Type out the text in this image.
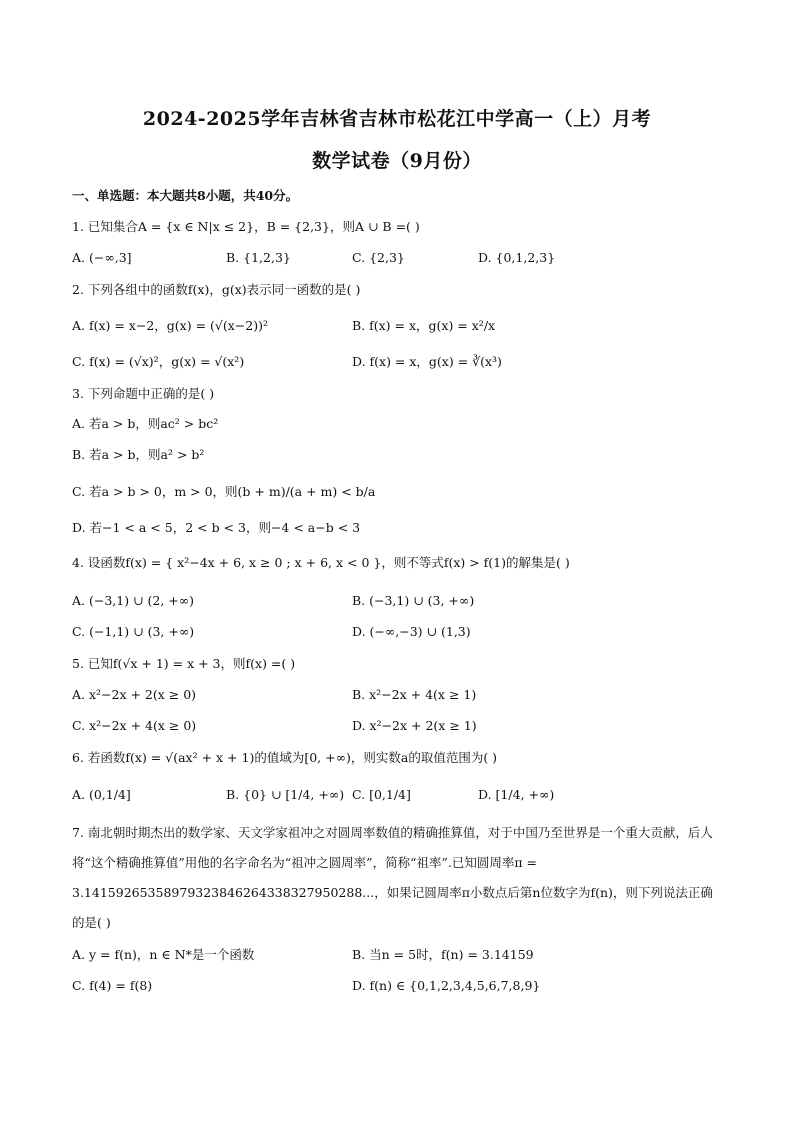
2024-2025学年吉林省吉林市松花江中学高一（上）月考
数学试卷（9月份）
一、单选题：本大题共8小题，共40分。
1. 已知集合A = {x ∈ N|x ≤ 2}，B = {2,3}，则A ∪ B =( )
A. (−∞,3]	B. {1,2,3}	C. {2,3}	D. {0,1,2,3}
2. 下列各组中的函数f(x)，g(x)表示同一函数的是( )
A. f(x) = x−2，g(x) = (√(x−2))²	B. f(x) = x，g(x) = x²/x
C. f(x) = (√x)²，g(x) = √(x²)	D. f(x) = x，g(x) = ∛(x³)
3. 下列命题中正确的是( )
A. 若a > b，则ac² > bc²
B. 若a > b，则a² > b²
C. 若a > b > 0，m > 0，则(b + m)/(a + m) < b/a
D. 若−1 < a < 5，2 < b < 3，则−4 < a−b < 3
4. 设函数f(x) = { x²−4x + 6, x ≥ 0 ; x + 6, x < 0 }，则不等式f(x) > f(1)的解集是( )
A. (−3,1) ∪ (2, +∞)	B. (−3,1) ∪ (3, +∞)
C. (−1,1) ∪ (3, +∞)	D. (−∞,−3) ∪ (1,3)
5. 已知f(√x + 1) = x + 3，则f(x) =( )
A. x²−2x + 2(x ≥ 0)	B. x²−2x + 4(x ≥ 1)
C. x²−2x + 4(x ≥ 0)	D. x²−2x + 2(x ≥ 1)
6. 若函数f(x) = √(ax² + x + 1)的值域为[0, +∞)，则实数a的取值范围为( )
A. (0,1/4]	B. {0} ∪ [1/4, +∞) C. [0,1/4]	D. [1/4, +∞)
7. 南北朝时期杰出的数学家、天文学家祖冲之对圆周率数值的精确推算值，对于中国乃至世界是一个重大贡献，后人将“这个精确推算值”用他的名字命名为“祖冲之圆周率”，简称“祖率”.已知圆周率π = 3.14159265358979323846264338327950288...，如果记圆周率π小数点后第n位数字为f(n)，则下列说法正确的是( )
A. y = f(n)，n ∈ N*是一个函数	B. 当n = 5时，f(n) = 3.14159
C. f(4) = f(8)	D. f(n) ∈ {0,1,2,3,4,5,6,7,8,9}
